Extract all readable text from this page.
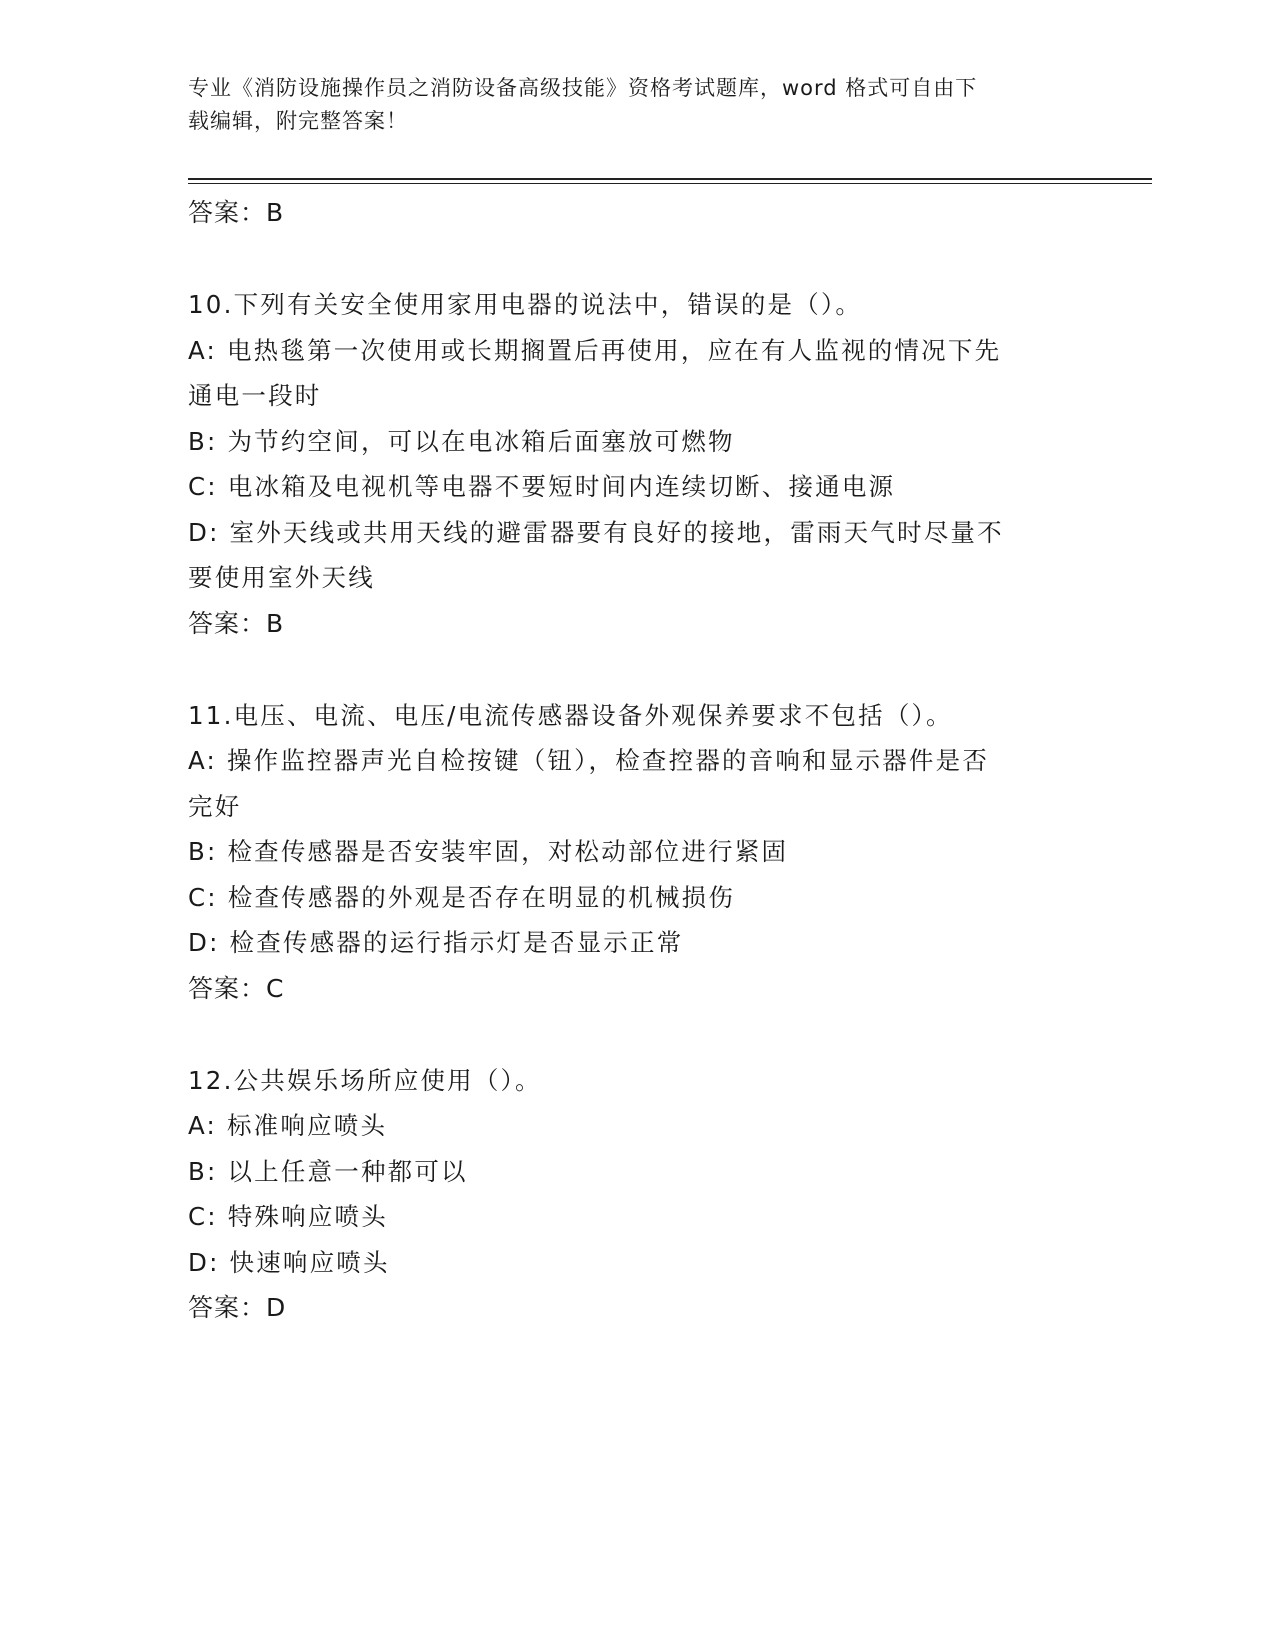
专业《消防设施操作员之消防设备高级技能》资格考试题库，word 格式可自由下
载编辑，附完整答案！
答案：B
10.下列有关安全使用家用电器的说法中，错误的是（）。
A: 电热毯第一次使用或长期搁置后再使用，应在有人监视的情况下先
通电一段时
B: 为节约空间，可以在电冰箱后面塞放可燃物
C: 电冰箱及电视机等电器不要短时间内连续切断、接通电源
D: 室外天线或共用天线的避雷器要有良好的接地，雷雨天气时尽量不
要使用室外天线
答案：B
11.电压、电流、电压/电流传感器设备外观保养要求不包括（）。
A: 操作监控器声光自检按键（钮），检查控器的音响和显示器件是否
完好
B: 检查传感器是否安装牢固，对松动部位进行紧固
C: 检查传感器的外观是否存在明显的机械损伤
D: 检查传感器的运行指示灯是否显示正常
答案：C
12.公共娱乐场所应使用（）。
A: 标准响应喷头
B: 以上任意一种都可以
C: 特殊响应喷头
D: 快速响应喷头
答案：D
